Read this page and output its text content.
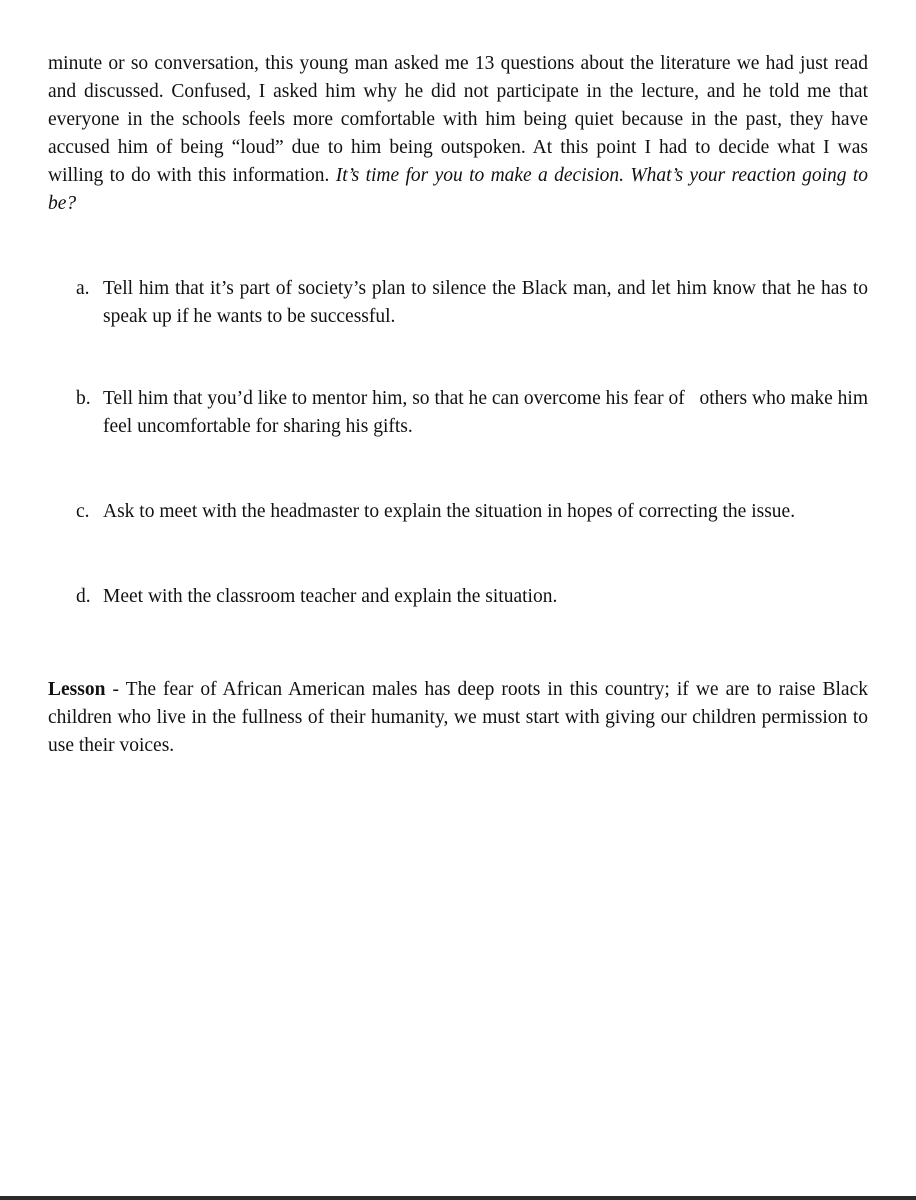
minute or so conversation, this young man asked me 13 questions about the literature we had just read and discussed. Confused, I asked him why he did not participate in the lecture, and he told me that everyone in the schools feels more comfortable with him being quiet because in the past, they have accused him of being “loud” due to him being outspoken. At this point I had to decide what I was willing to do with this information. It’s time for you to make a decision. What’s your reaction going to be?

a. Tell him that it’s part of society’s plan to silence the Black man, and let him know that he has to speak up if he wants to be successful.
b. Tell him that you’d like to mentor him, so that he can overcome his fear of   others who make him feel uncomfortable for sharing his gifts.
c. Ask to meet with the headmaster to explain the situation in hopes of correcting the issue.
d. Meet with the classroom teacher and explain the situation.

Lesson - The fear of African American males has deep roots in this country; if we are to raise Black children who live in the fullness of their humanity, we must start with giving our children permission to use their voices.
